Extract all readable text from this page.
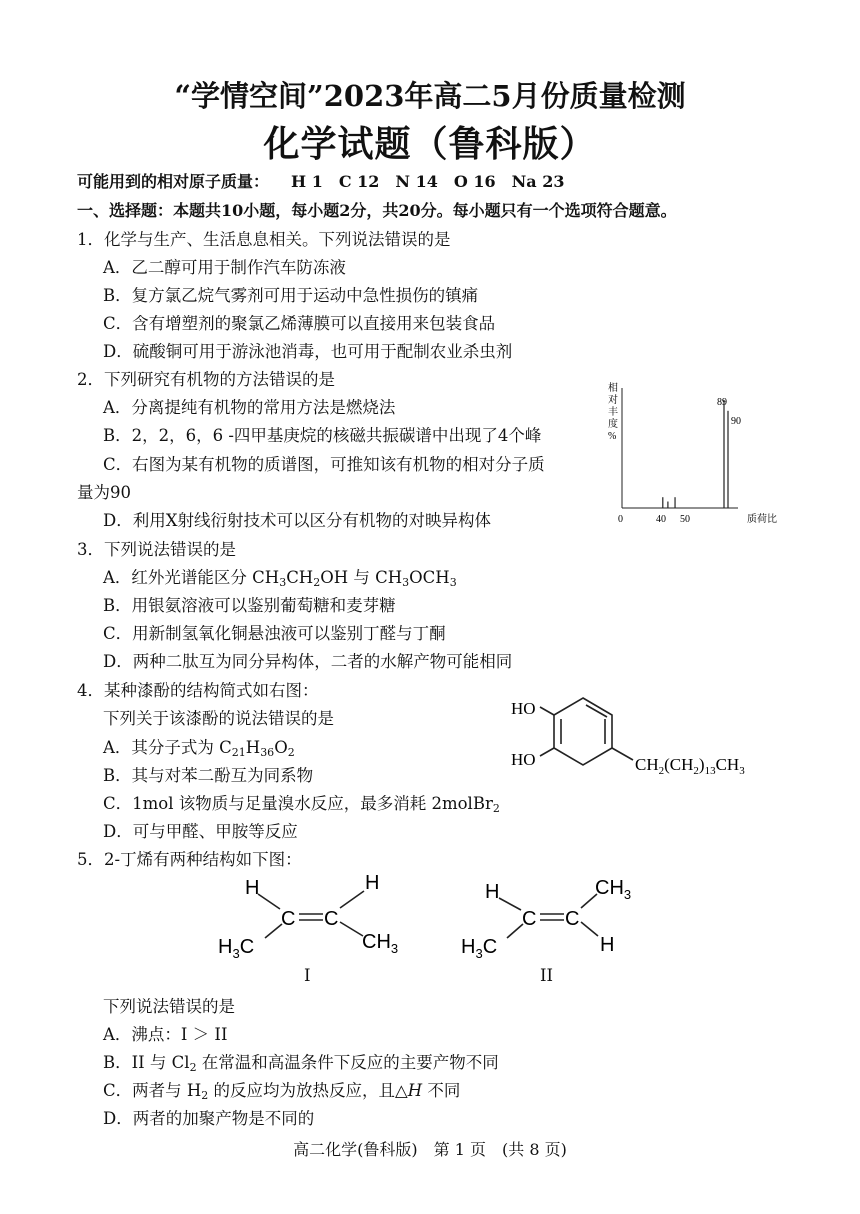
“学情空间”2023年高二5月份质量检测
化学试题（鲁科版）
可能用到的相对原子质量： H 1　C 12　N 14　O 16　Na 23
一、选择题：本题共10小题，每小题2分，共20分。每小题只有一个选项符合题意。
1．化学与生产、生活息息相关。下列说法错误的是
A．乙二醇可用于制作汽车防冻液
B．复方氯乙烷气雾剂可用于运动中急性损伤的镇痛
C．含有增塑剂的聚氯乙烯薄膜可以直接用来包装食品
D．硫酸铜可用于游泳池消毒，也可用于配制农业杀虫剂
2．下列研究有机物的方法错误的是
A．分离提纯有机物的常用方法是燃烧法
B．2，2，6，6 -四甲基庚烷的核磁共振碳谱中出现了4个峰
C．右图为某有机物的质谱图，可推知该有机物的相对分子质
量为90
D．利用X射线衍射技术可以区分有机物的对映异构体
相
对
丰
度
%
0	40 50
89
90
质荷比
3．下列说法错误的是
A．红外光谱能区分 $CH_3CH_2OH$ 与 $CH_3OCH_3$
B．用银氨溶液可以鉴别葡萄糖和麦芽糖
C．用新制氢氧化铜悬浊液可以鉴别丁醛与丁酮
D．两种二肽互为同分异构体，二者的水解产物可能相同
4．某种漆酚的结构简式如右图：
下列关于该漆酚的说法错误的是
A．其分子式为 $C_{21}H_{36}O_2$
B．其与对苯二酚互为同系物
C．1mol 该物质与足量溴水反应，最多消耗 2molBr$_2$
D．可与甲醛、甲胺等反应
HO
HO	$CH_2(CH_2)_{13}CH_3$
5．2-丁烯有两种结构如下图：
H	H
C C
$H_3C$	$CH_3$
H	$CH_3$
C C
$H_3C$	H
I	II
下列说法错误的是
A．沸点：I ＞ II
B．II 与 $Cl_2$ 在常温和高温条件下反应的主要产物不同
C．两者与 $H_2$ 的反应均为放热反应，且△H 不同
D．两者的加聚产物是不同的
高二化学(鲁科版)　第 1 页　(共 8 页)
